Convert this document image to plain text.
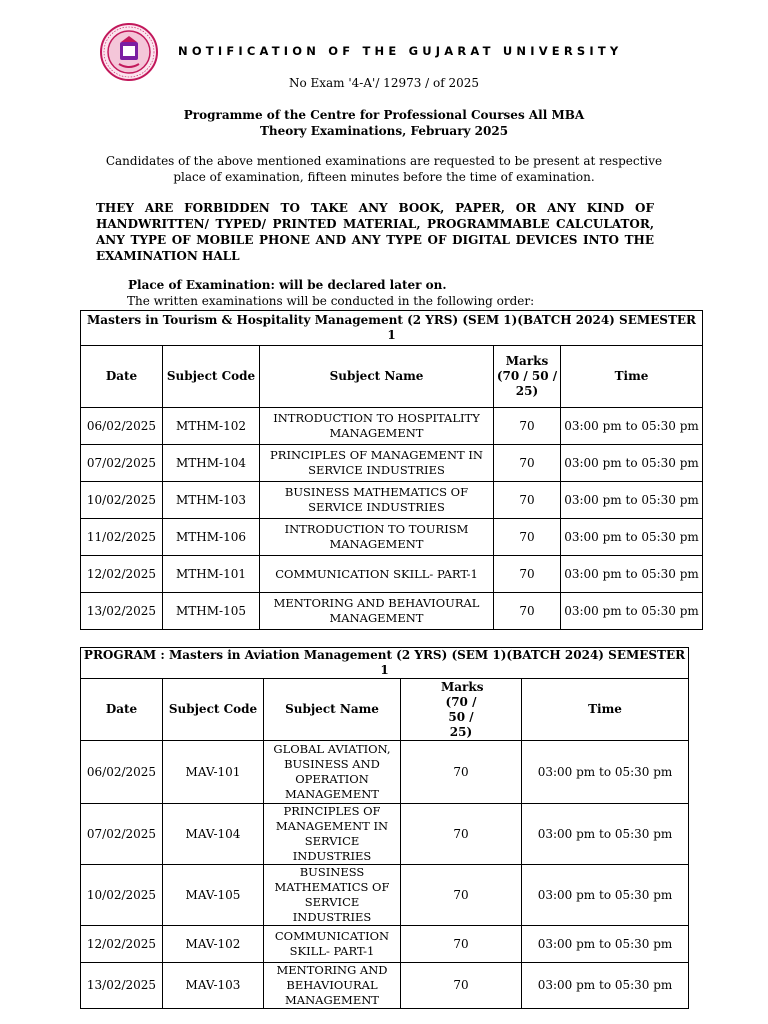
NOTIFICATION OF THE GUJARAT UNIVERSITY
No Exam '4-A'/ 12973 / of 2025
Programme of the Centre for Professional Courses All MBA
Theory Examinations, February 2025
Candidates of the above mentioned examinations are requested to be present at respective place of examination, fifteen minutes before the time of examination.
THEY ARE FORBIDDEN TO TAKE ANY BOOK, PAPER, OR ANY KIND OF HANDWRITTEN/ TYPED/ PRINTED MATERIAL, PROGRAMMABLE CALCULATOR, ANY TYPE OF MOBILE PHONE AND ANY TYPE OF DIGITAL DEVICES INTO THE EXAMINATION HALL
Place of Examination: will be declared later on.
The written examinations will be conducted in the following order:
Masters in Tourism & Hospitality Management (2 YRS) (SEM 1)(BATCH 2024) SEMESTER 1				
Date	Subject Code	Subject Name	Marks (70 / 50 / 25)	Time
06/02/2025	MTHM-102	INTRODUCTION TO HOSPITALITY MANAGEMENT	70	03:00 pm to 05:30 pm
07/02/2025	MTHM-104	PRINCIPLES OF MANAGEMENT IN SERVICE INDUSTRIES	70	03:00 pm to 05:30 pm
10/02/2025	MTHM-103	BUSINESS MATHEMATICS OF SERVICE INDUSTRIES	70	03:00 pm to 05:30 pm
11/02/2025	MTHM-106	INTRODUCTION TO TOURISM MANAGEMENT	70	03:00 pm to 05:30 pm
12/02/2025	MTHM-101	COMMUNICATION SKILL- PART-1	70	03:00 pm to 05:30 pm
13/02/2025	MTHM-105	MENTORING AND BEHAVIOURAL MANAGEMENT	70	03:00 pm to 05:30 pm
PROGRAM : Masters in Aviation Management (2 YRS) (SEM 1)(BATCH 2024) SEMESTER 1				
Date	Subject Code	Subject Name	Marks (70 / 50 / 25)	Time
06/02/2025	MAV-101	GLOBAL AVIATION, BUSINESS AND OPERATION MANAGEMENT	70	03:00 pm to 05:30 pm
07/02/2025	MAV-104	PRINCIPLES OF MANAGEMENT IN SERVICE INDUSTRIES	70	03:00 pm to 05:30 pm
10/02/2025	MAV-105	BUSINESS MATHEMATICS OF SERVICE INDUSTRIES	70	03:00 pm to 05:30 pm
12/02/2025	MAV-102	COMMUNICATION SKILL- PART-1	70	03:00 pm to 05:30 pm
13/02/2025	MAV-103	MENTORING AND BEHAVIOURAL MANAGEMENT	70	03:00 pm to 05:30 pm
